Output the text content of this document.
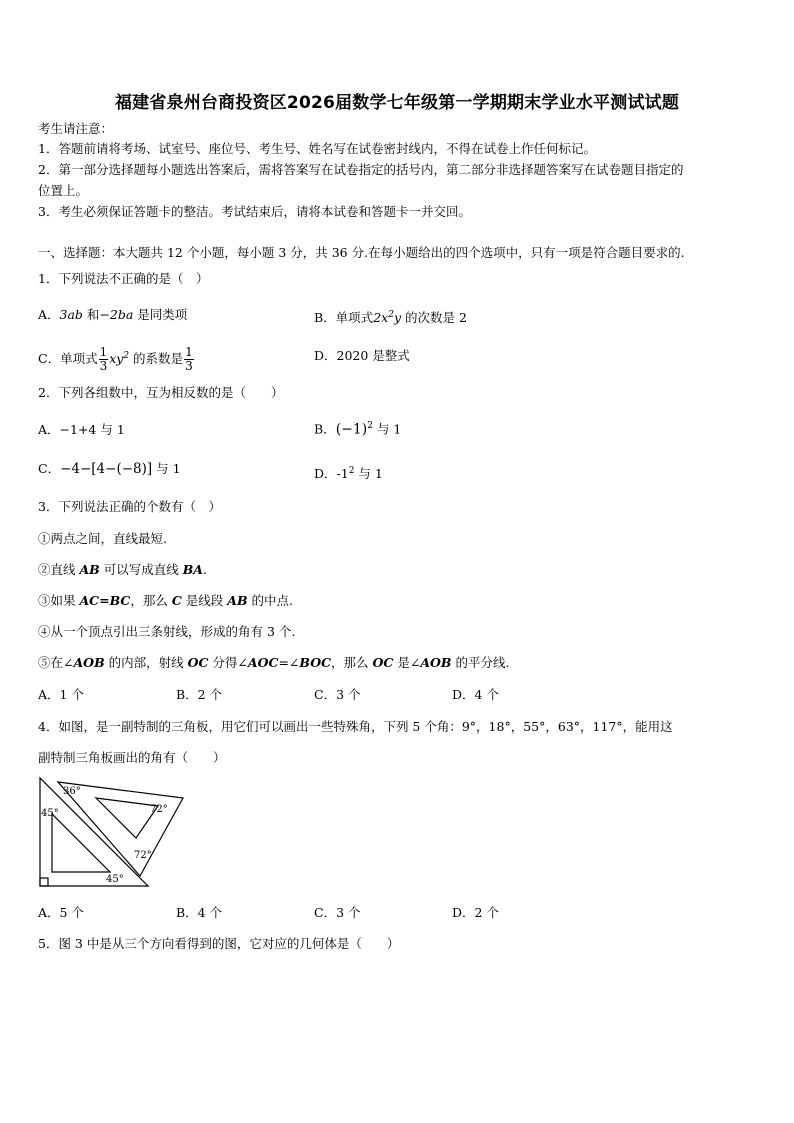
福建省泉州台商投资区2026届数学七年级第一学期期末学业水平测试试题
考生请注意：
1．答题前请将考场、试室号、座位号、考生号、姓名写在试卷密封线内，不得在试卷上作任何标记。
2．第一部分选择题每小题选出答案后，需将答案写在试卷指定的括号内，第二部分非选择题答案写在试卷题目指定的
位置上。
3．考生必须保证答题卡的整洁。考试结束后，请将本试卷和答题卡一并交回。
一、选择题：本大题共 12 个小题，每小题 3 分，共 36 分.在每小题给出的四个选项中，只有一项是符合题目要求的.
1．下列说法不正确的是（　）
A．3ab 和−2ba 是同类项	B．单项式$2x^2y$ 的次数是 2
C．单项式 $\frac{1}{3} xy^2$ 的系数是 $\frac{1}{3}$	D．2020 是整式
2．下列各组数中，互为相反数的是（　　）
A．−1+4 与 1	B．$(-1)^2$ 与 1
C．−4−[4−(−8)] 与 1	D．$-1^2$ 与 1
3．下列说法正确的个数有（　）
①两点之间，直线最短.
②直线 AB 可以写成直线 BA.
③如果 AC=BC，那么 C 是线段 AB 的中点.
④从一个顶点引出三条射线，形成的角有 3 个.
⑤在∠AOB 的内部，射线 OC 分得∠AOC=∠BOC，那么 OC 是∠AOB 的平分线.
A．1 个	B．2 个	C．3 个	D．4 个
4．如图，是一副特制的三角板，用它们可以画出一些特殊角，下列 5 个角：9°，18°，55°，63°，117°，能用这
副特制三角板画出的角有（　　）
36°
72°
45°
72°
45°
A．5 个	B．4 个	C．3 个	D．2 个
5．图 3 中是从三个方向看得到的图，它对应的几何体是（　　）
